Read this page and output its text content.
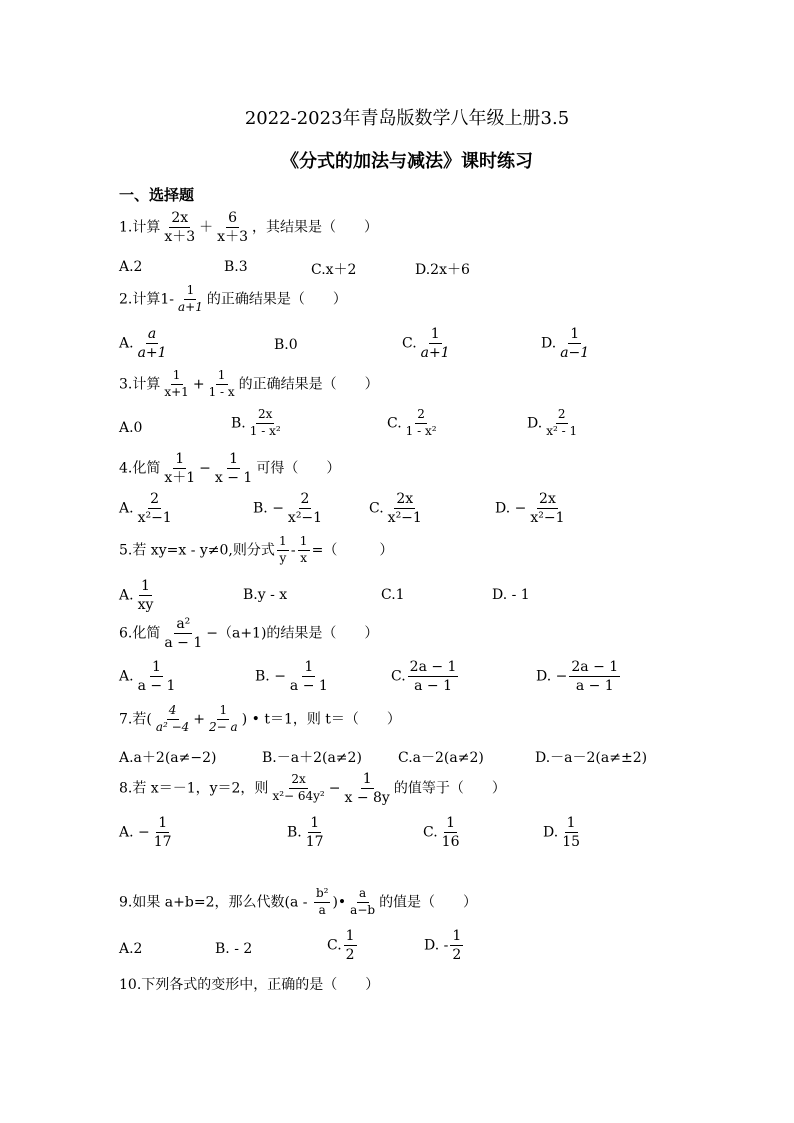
2022-2023年青岛版数学八年级上册3.5
《分式的加法与减法》课时练习
一、选择题
1.计算 $\frac{2x}{x+3} + \frac{6}{x+3}$ ，其结果是（　　）
A.2	B.3	C.x＋2	D.2x＋6
2.计算$1- \frac{1}{a+1}$ 的正确结果是（　　）
A. $\frac{a}{a+1}$	B.0	C. $\frac{1}{a+1}$	D. $\frac{1}{a-1}$
3.计算 $\frac{1}{x+1} + \frac{1}{1 - x}$ 的正确结果是（　　）
A.0	B. $\frac{2x}{\text{1 - x²}}$	C. $\frac{2}{\text{1 - x²}}$	D. $\frac{2}{\text{x² - 1}}$
4.化简 $\frac{1}{x+1} - \frac{1}{x - 1}$ 可得（　　）
A. $\frac{2}{\text{x²−1}}$	B. − $\frac{2}{\text{x²−1}}$	C. $\frac{2x}{\text{x²−1}}$	D. − $\frac{2x}{\text{x²−1}}$
5.若 xy=x - y≠0,则分式 $\frac{1}{y} - \frac{1}{x}$ =（　　　）
A. $\frac{1}{xy}$	B.y - x	C.1	D. - 1
6.化简 $\frac{\text{a²}}{a - 1} -(a+1)$的结果是（　　）
A. $\frac{1}{a - 1}$	B. − $\frac{1}{a - 1}$	C. $\frac{2a - 1}{a - 1}$	D. − $\frac{2a - 1}{a - 1}$
7.若( $\frac{4}{\text{a² −4}} + \frac{1}{2- a}$ ) • t＝1，则 t＝（　　）
A.a＋2(a≠−2)	B.－a＋2(a≠2)	C.a－2(a≠2)	D.－a－2(a≠±2)
8.若 x＝－1，y＝2，则 $\frac{2x}{\text{x²− 64y²}} - \frac{1}{x - 8y}$ 的值等于（　　）
A. − $\frac{1}{17}$	B. $\frac{1}{17}$	C. $\frac{1}{16}$	D. $\frac{1}{15}$
9.如果 a+b=2，那么代数($a - \frac{\text{b²}}{a}$ )• $\frac{a}{a-b}$ 的值是（　　）
A.2	B. - 2	C. $\frac{1}{2}$	D. - $\frac{1}{2}$
10.下列各式的变形中，正确的是（　　）
